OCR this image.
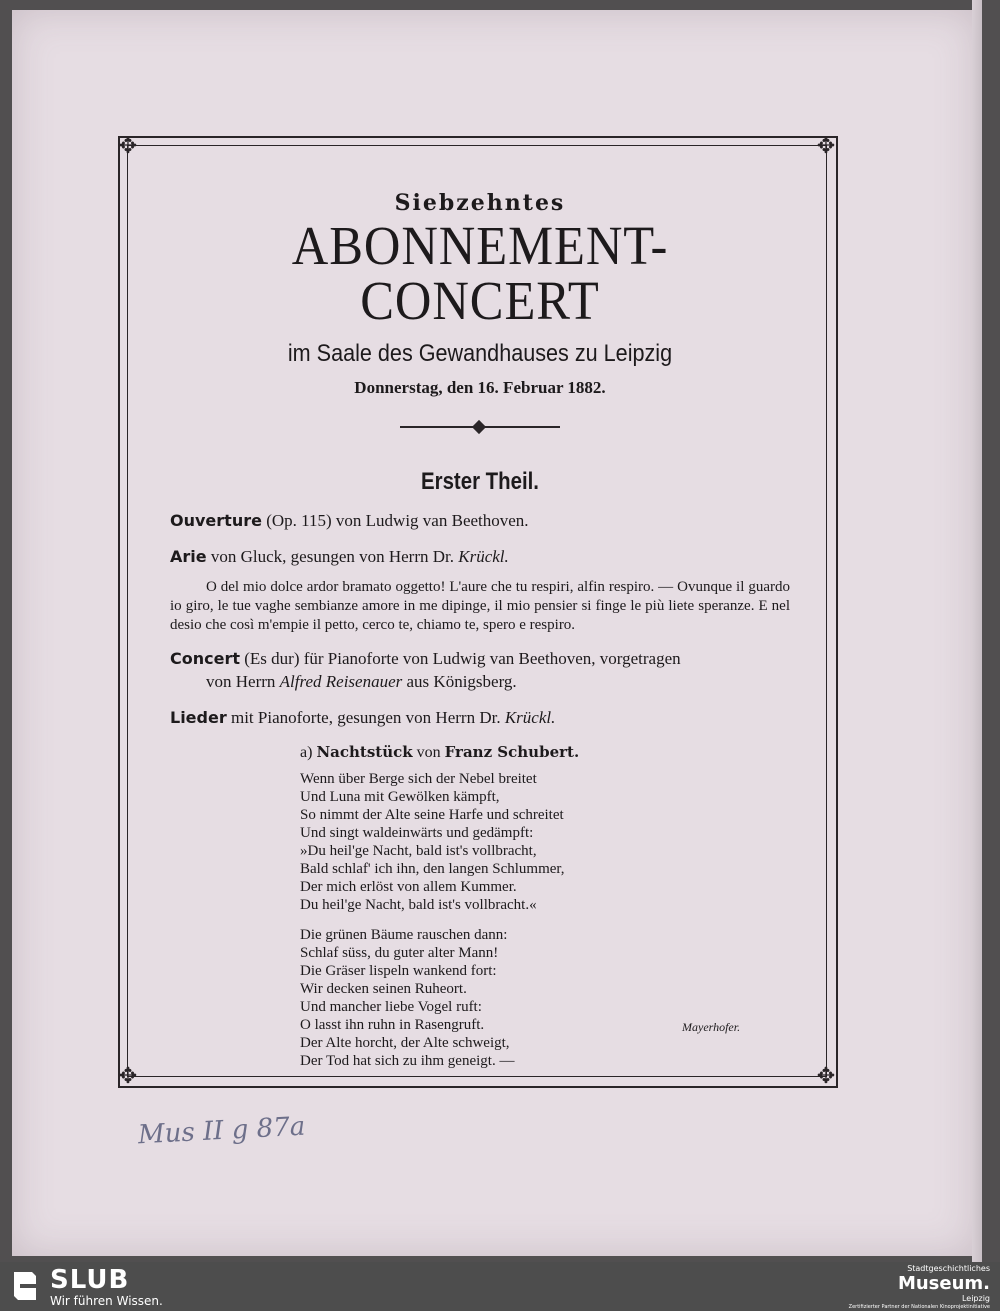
✥	✥
✥	✥

Siebzehntes

ABONNEMENT-CONCERT

im Saale des Gewandhauses zu Leipzig

Donnerstag, den 16. Februar 1882.

Erster Theil.

Ouverture (Op. 115) von Ludwig van Beethoven.

Arie von Gluck, gesungen von Herrn Dr. Krückl.

O del mio dolce ardor bramato oggetto! L'aure che tu respiri, alfin respiro. — Ovunque il guardo io giro, le tue vaghe sembianze amore in me dipinge, il mio pensier si finge le più liete speranze. E nel desio che così m'empie il petto, cerco te, chiamo te, spero e respiro.

Concert (Es dur) für Pianoforte von Ludwig van Beethoven, vorgetragen
von Herrn Alfred Reisenauer aus Königsberg.

Lieder mit Pianoforte, gesungen von Herrn Dr. Krückl.

a) Nachtstück von Franz Schubert.

Wenn über Berge sich der Nebel breitet

Und Luna mit Gewölken kämpft,

So nimmt der Alte seine Harfe und schreitet

Und singt waldeinwärts und gedämpft:

»Du heil'ge Nacht, bald ist's vollbracht,

Bald schlaf' ich ihn, den langen Schlummer,

Der mich erlöst von allem Kummer.

Du heil'ge Nacht, bald ist's vollbracht.«

Die grünen Bäume rauschen dann:

Schlaf süss, du guter alter Mann!

Die Gräser lispeln wankend fort:

Wir decken seinen Ruheort.

Und mancher liebe Vogel ruft:

O lasst ihn ruhn in Rasengruft.

Der Alte horcht, der Alte schweigt,

Der Tod hat sich zu ihm geneigt. —

Mayerhofer.
Mus II g 87a
SLUB
Wir führen Wissen.
Stadtgeschichtliches
Museum.
Leipzig
Zertifizierter Partner der Nationalen Kinoprojektinitiative
